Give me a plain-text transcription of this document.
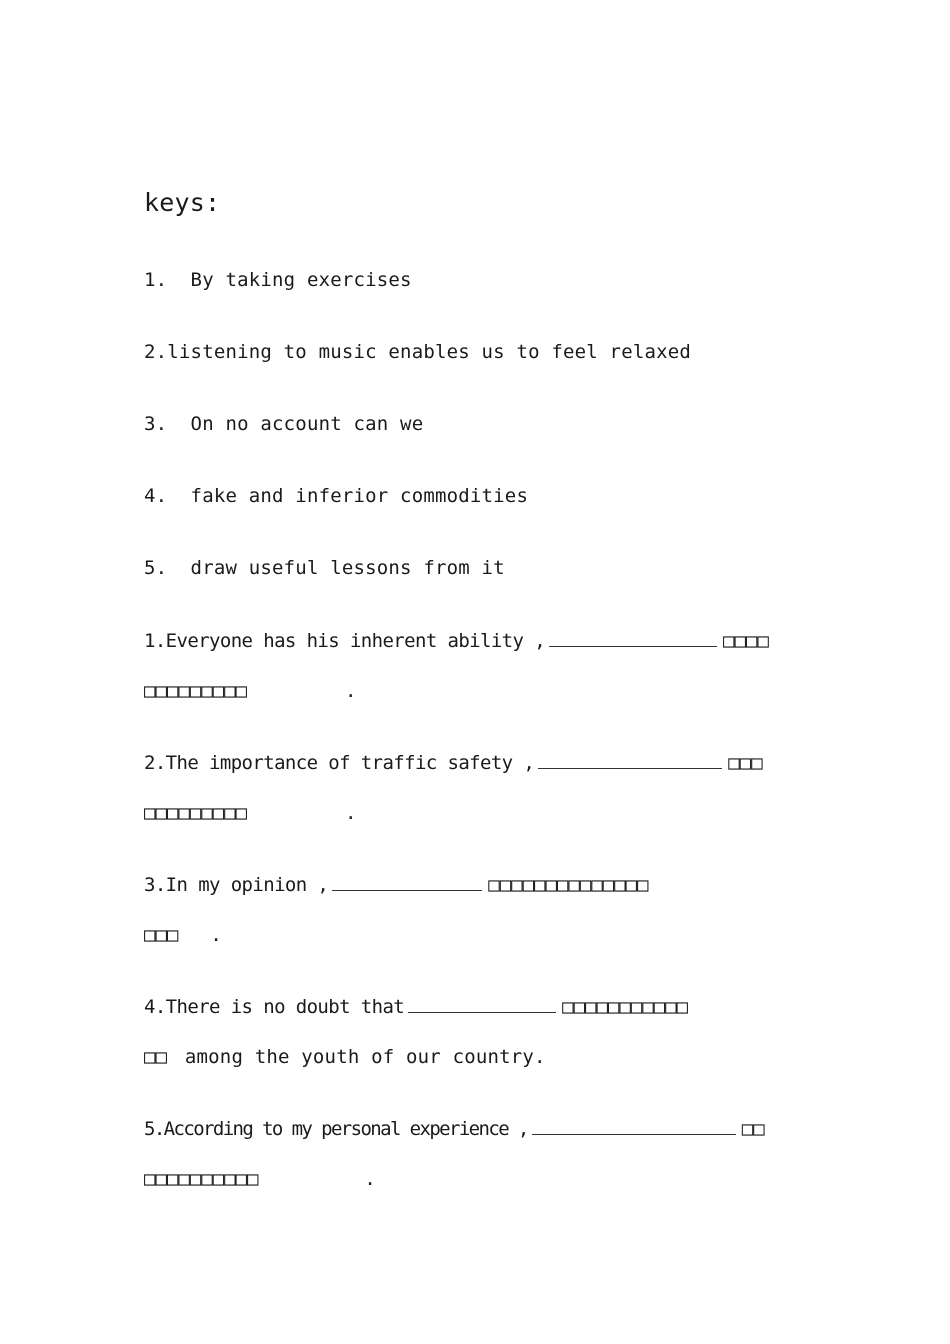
keys:
1.  By taking exercises
2.listening to music enables us to feel relaxed
3.  On no account can we
4.  fake and inferior commodities
5.  draw useful lessons from it
1.Everyone has his inherent ability ,	□□□□
□□□□□□□□□	.
2.The importance of traffic safety ,	□□□
□□□□□□□□□	.
3.In my opinion ,	□□□□□□□□□□□□□□
□□□ .
4.There is no doubt that	□□□□□□□□□□□
□□ among the youth of our country.
5.According to my personal experience ,	□□
□□□□□□□□□□	.
